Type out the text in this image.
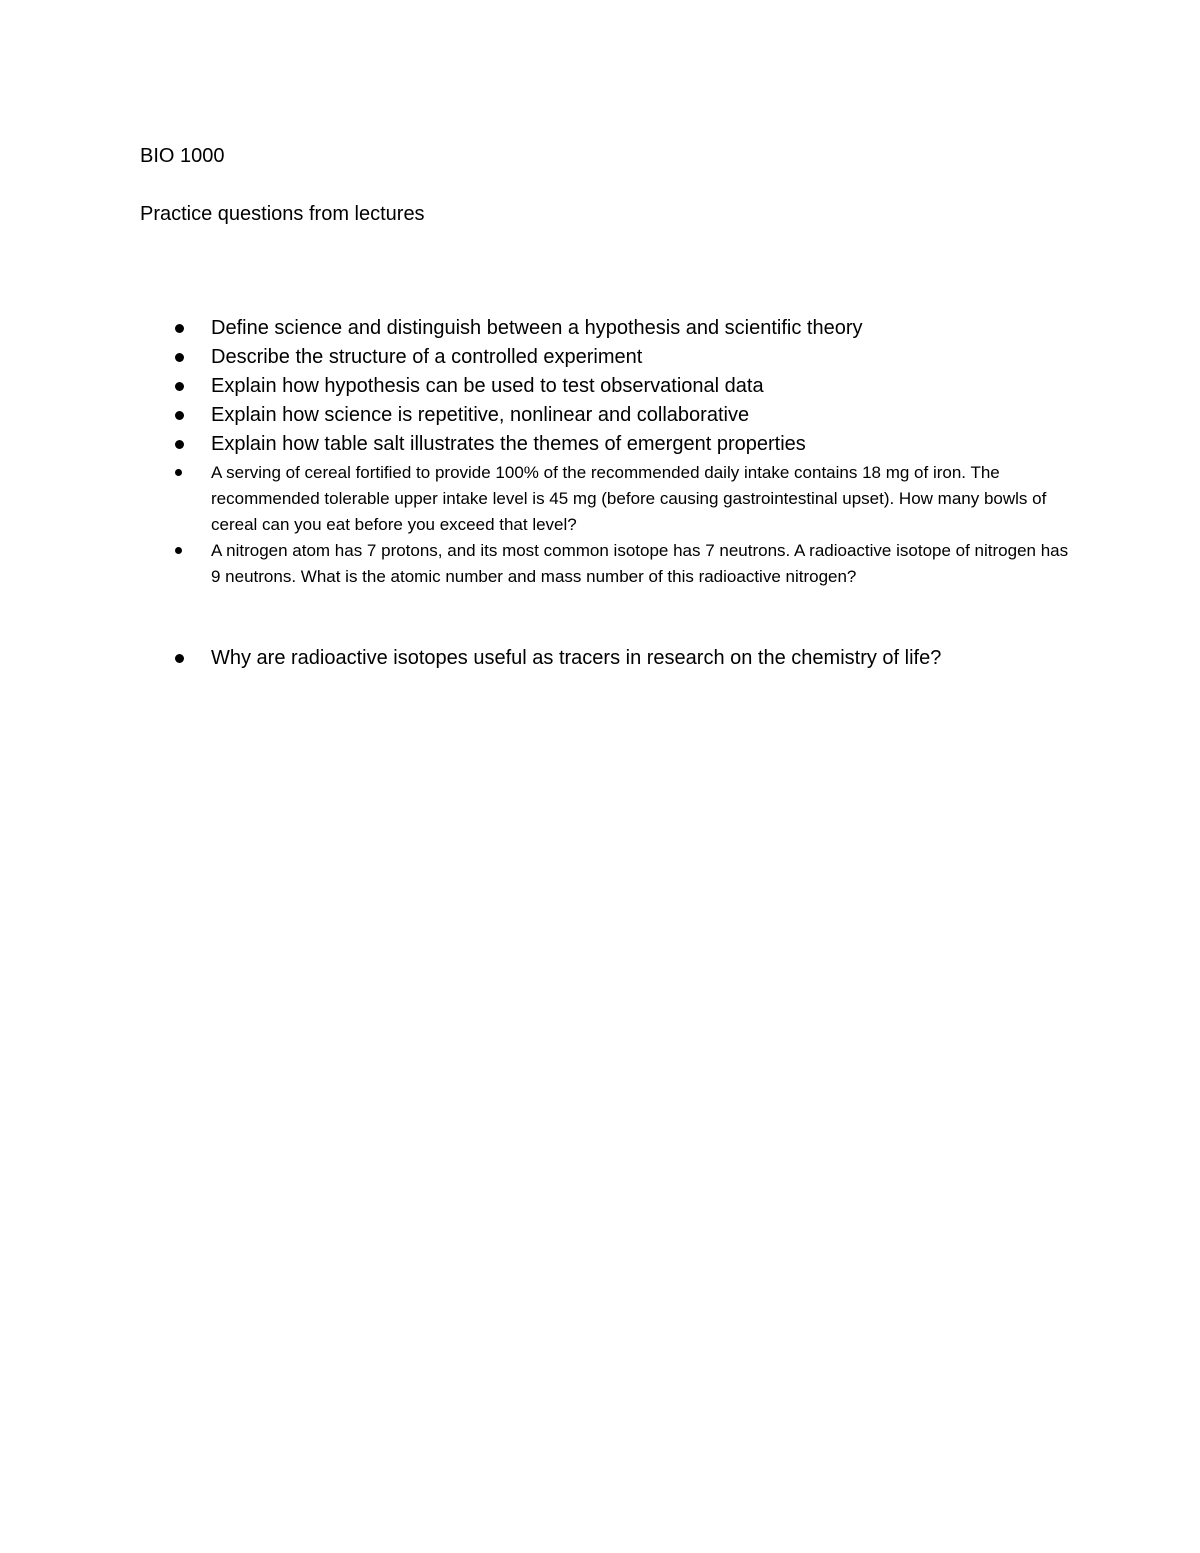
BIO 1000
Practice questions from lectures
Define science and distinguish between a hypothesis and scientific theory
Describe the structure of a controlled experiment
Explain how hypothesis can be used to test observational data
Explain how science is repetitive, nonlinear and collaborative
Explain how table salt illustrates the themes of emergent properties
A serving of cereal fortified to provide 100% of the recommended daily intake contains 18 mg of iron. The recommended tolerable upper intake level is 45 mg (before causing gastrointestinal upset). How many bowls of cereal can you eat before you exceed that level?
A nitrogen atom has 7 protons, and its most common isotope has 7 neutrons. A radioactive isotope of nitrogen has 9 neutrons. What is the atomic number and mass number of this radioactive nitrogen?
Why are radioactive isotopes useful as tracers in research on the chemistry of life?
